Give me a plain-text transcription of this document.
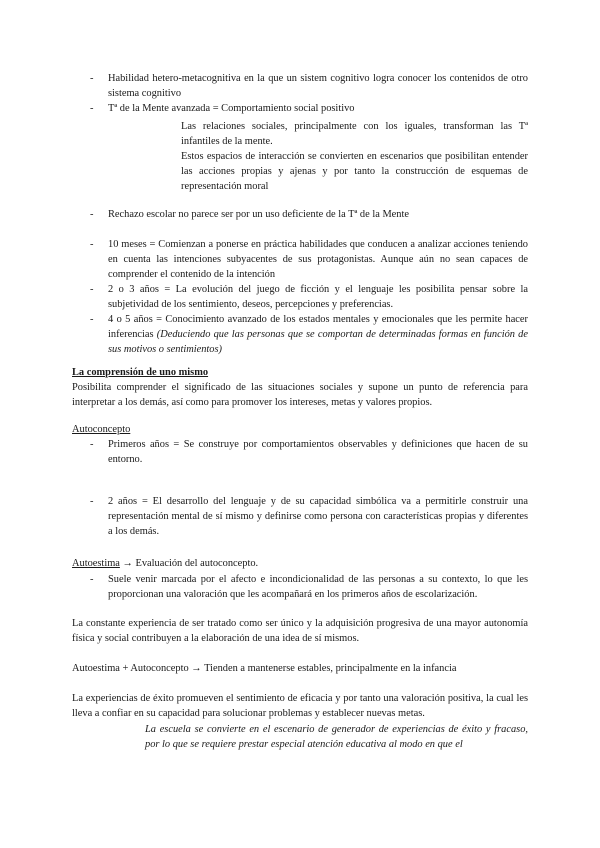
- Habilidad hetero-metacognitiva en la que un sistem cognitivo logra conocer los contenidos de otro sistema cognitivo
- Tª de la Mente avanzada = Comportamiento social positivo
Las relaciones sociales, principalmente con los iguales, transforman las Tª infantiles de la mente.
Estos espacios de interacción se convierten en escenarios que posibilitan entender las acciones propias y ajenas y por tanto la construcción de esquemas de representación moral
- Rechazo escolar no parece ser por un uso deficiente de la Tª de la Mente
- 10 meses = Comienzan a ponerse en práctica habilidades que conducen a analizar acciones teniendo en cuenta las intenciones subyacentes de sus protagonistas. Aunque aún no sean capaces de comprender el contenido de la intención
- 2 o 3 años = La evolución del juego de ficción y el lenguaje les posibilita pensar sobre la subjetividad de los sentimiento, deseos, percepciones y preferencias.
- 4 o 5 años = Conocimiento avanzado de los estados mentales y emocionales que les permite hacer inferencias (Deduciendo que las personas que se comportan de determinadas formas en función de sus motivos o sentimientos)
La comprensión de uno mismo
Posibilita comprender el significado de las situaciones sociales y supone un punto de referencia para interpretar a los demás, así como para promover los intereses, metas y valores propios.
Autoconcepto
- Primeros años = Se construye por comportamientos observables y definiciones que hacen de su entorno.
- 2 años = El desarrollo del lenguaje y de su capacidad simbólica va a permitirle construir una representación mental de sí mismo y definirse como persona con características propias y diferentes a los demás.
Autoestima → Evaluación del autoconcepto.
- Suele venir marcada por el afecto e incondicionalidad de las personas a su contexto, lo que les proporcionan una valoración que les acompañará en los primeros años de escolarización.
La constante experiencia de ser tratado como ser único y la adquisición progresiva de una mayor autonomía física y social contribuyen a la elaboración de una idea de sí mismos.
Autoestima + Autoconcepto → Tienden a mantenerse estables, principalmente en la infancia
La experiencias de éxito promueven el sentimiento de eficacia y por tanto una valoración positiva, la cual les lleva a confiar en su capacidad para solucionar problemas y establecer nuevas metas.
La escuela se convierte en el escenario de generador de experiencias de éxito y fracaso, por lo que se requiere prestar especial atención educativa al modo en que el
